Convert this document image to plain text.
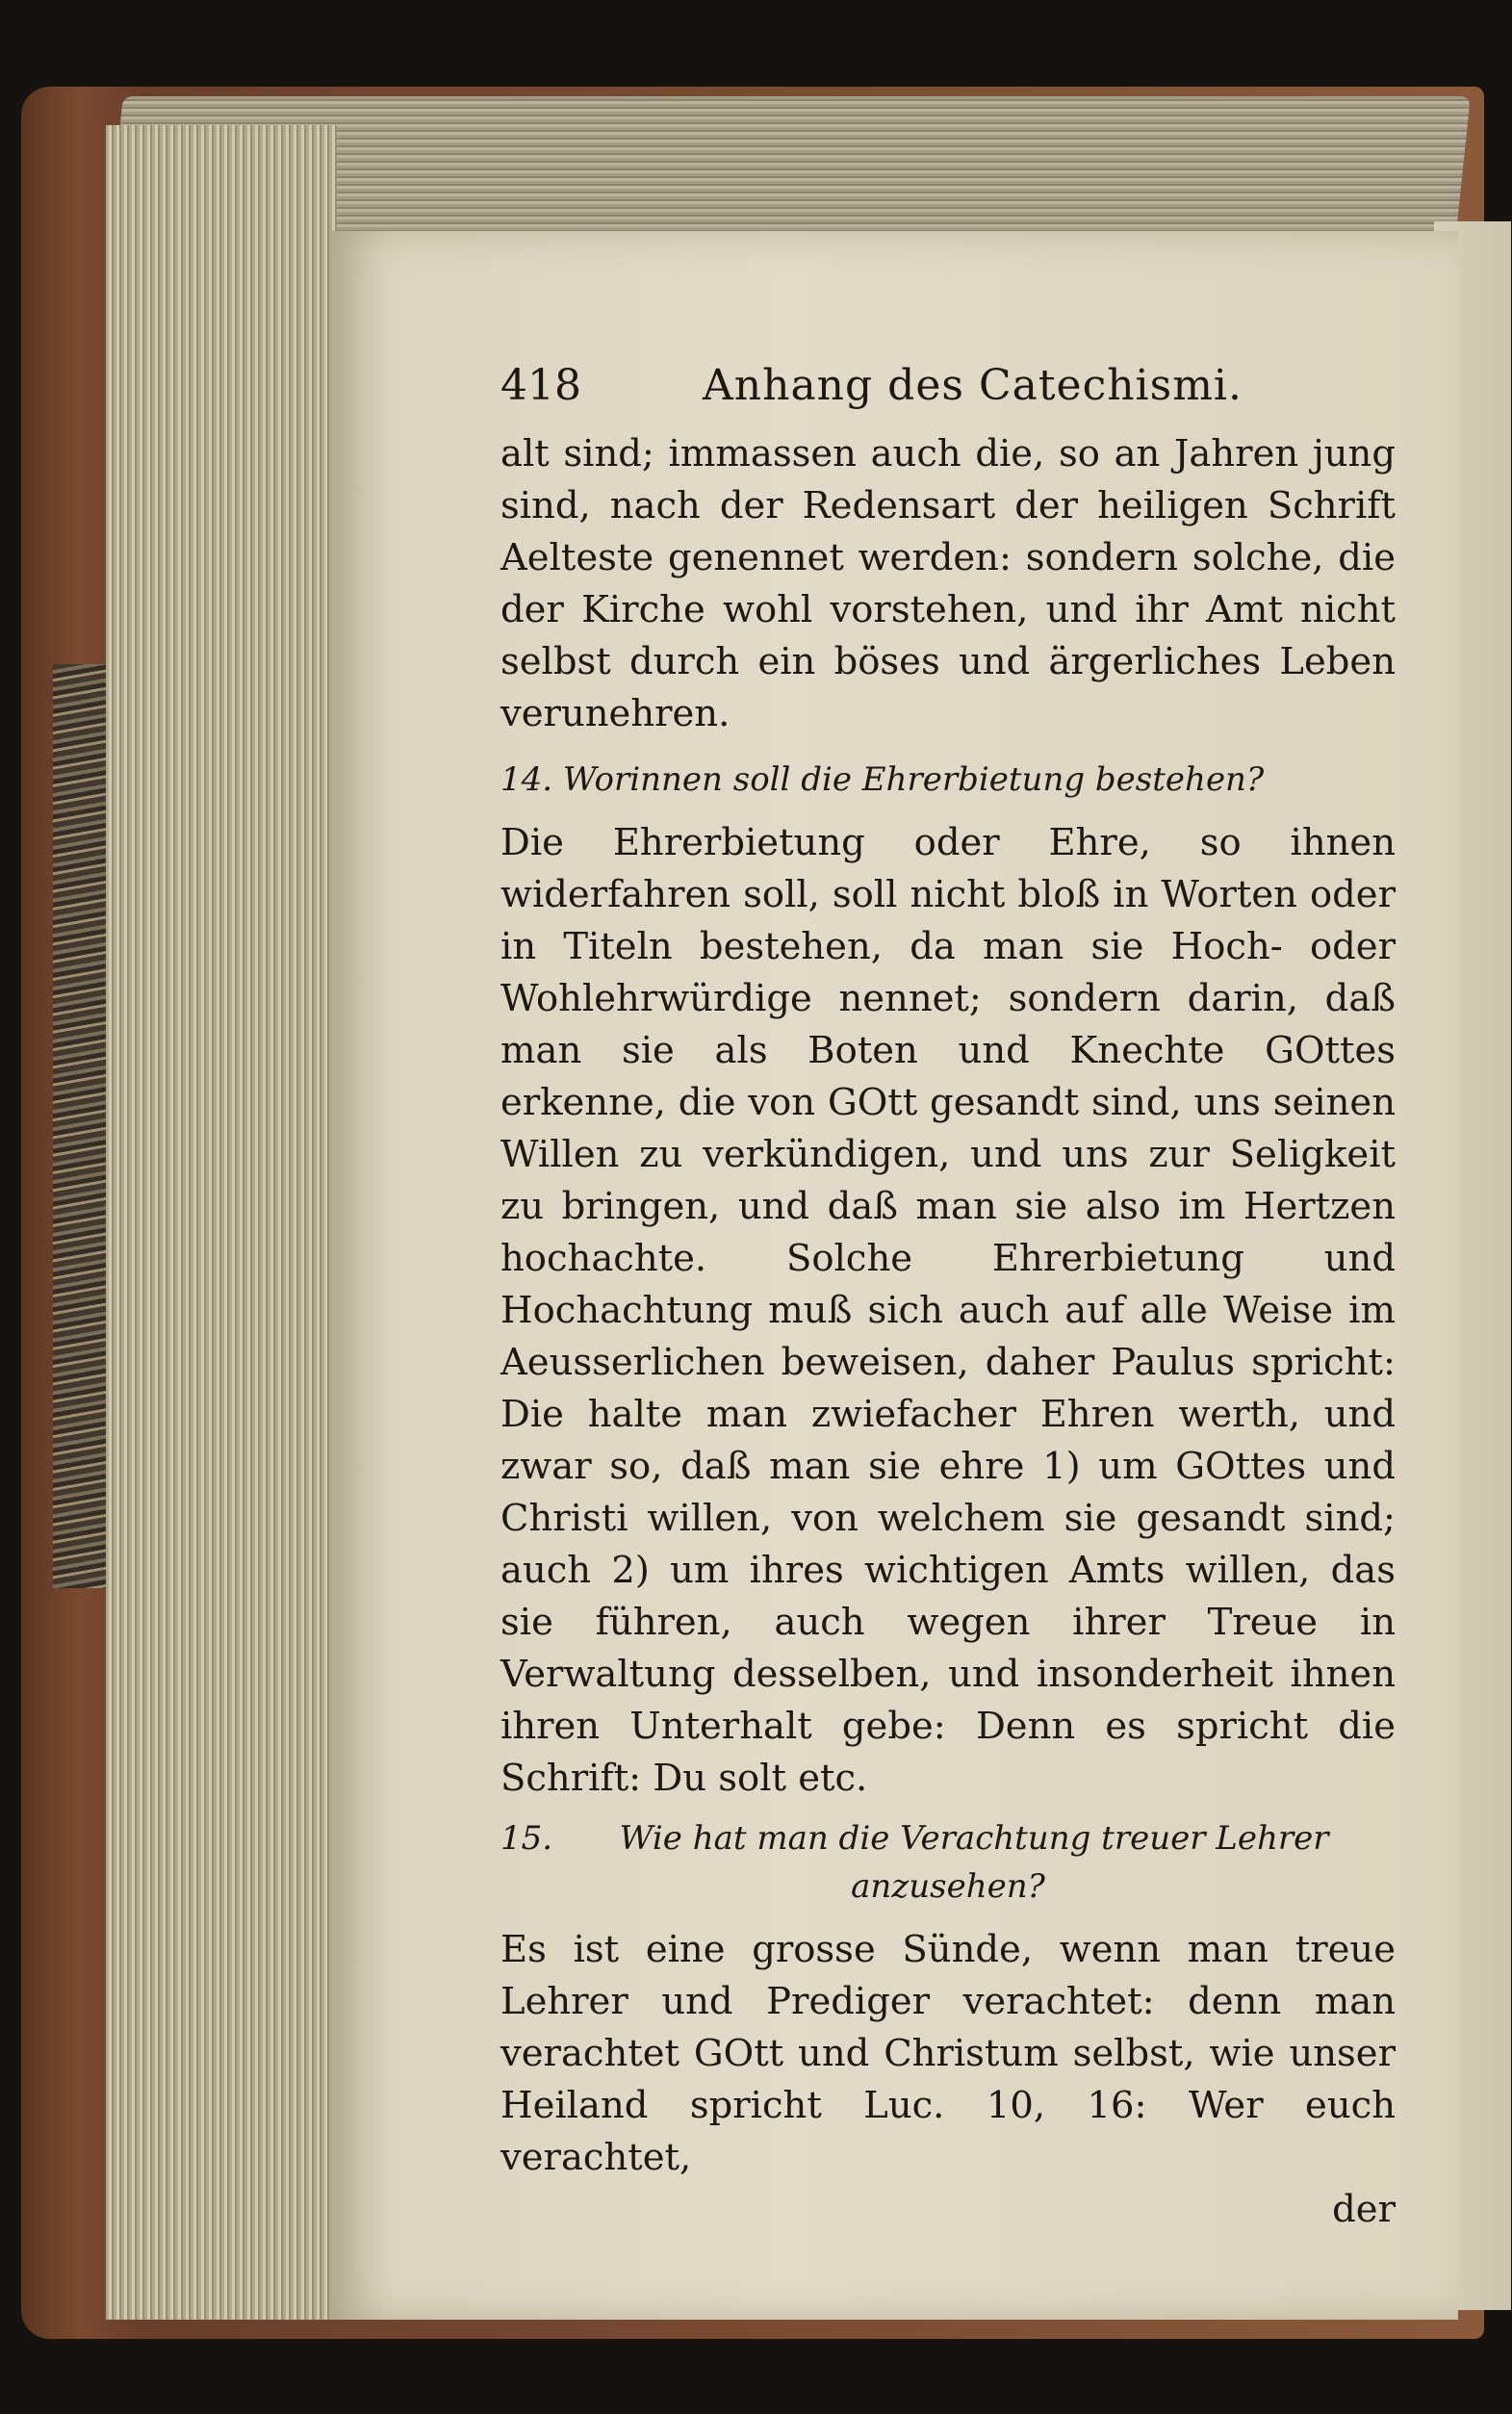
418	Anhang des Catechismi.

alt sind; immassen auch die, so an Jahren jung sind, nach der Redensart der heiligen Schrift Aelteste genennet werden: sondern solche, die der Kirche wohl vorstehen, und ihr Amt nicht selbst durch ein böses und ärgerliches Leben verunehren.

14. Worinnen soll die Ehrerbietung bestehen?

Die Ehrerbietung oder Ehre, so ihnen widerfahren soll, soll nicht bloß in Worten oder in Titeln bestehen, da man sie Hoch- oder Wohlehrwürdige nennet; sondern darin, daß man sie als Boten und Knechte GOttes erkenne, die von GOtt gesandt sind, uns seinen Willen zu verkündigen, und uns zur Seligkeit zu bringen, und daß man sie also im Hertzen hochachte. Solche Ehrerbietung und Hochachtung muß sich auch auf alle Weise im Aeusserlichen beweisen, daher Paulus spricht: Die halte man zwiefacher Ehren werth, und zwar so, daß man sie ehre 1) um GOttes und Christi willen, von welchem sie gesandt sind; auch 2) um ihres wichtigen Amts willen, das sie führen, auch wegen ihrer Treue in Verwaltung desselben, und insonderheit ihnen ihren Unterhalt gebe: Denn es spricht die Schrift: Du solt etc.

15. Wie hat man die Verachtung treuer Lehrer anzusehen?

Es ist eine grosse Sünde, wenn man treue Lehrer und Prediger verachtet: denn man verachtet GOtt und Christum selbst, wie unser Heiland spricht Luc. 10, 16: Wer euch verachtet,

der
